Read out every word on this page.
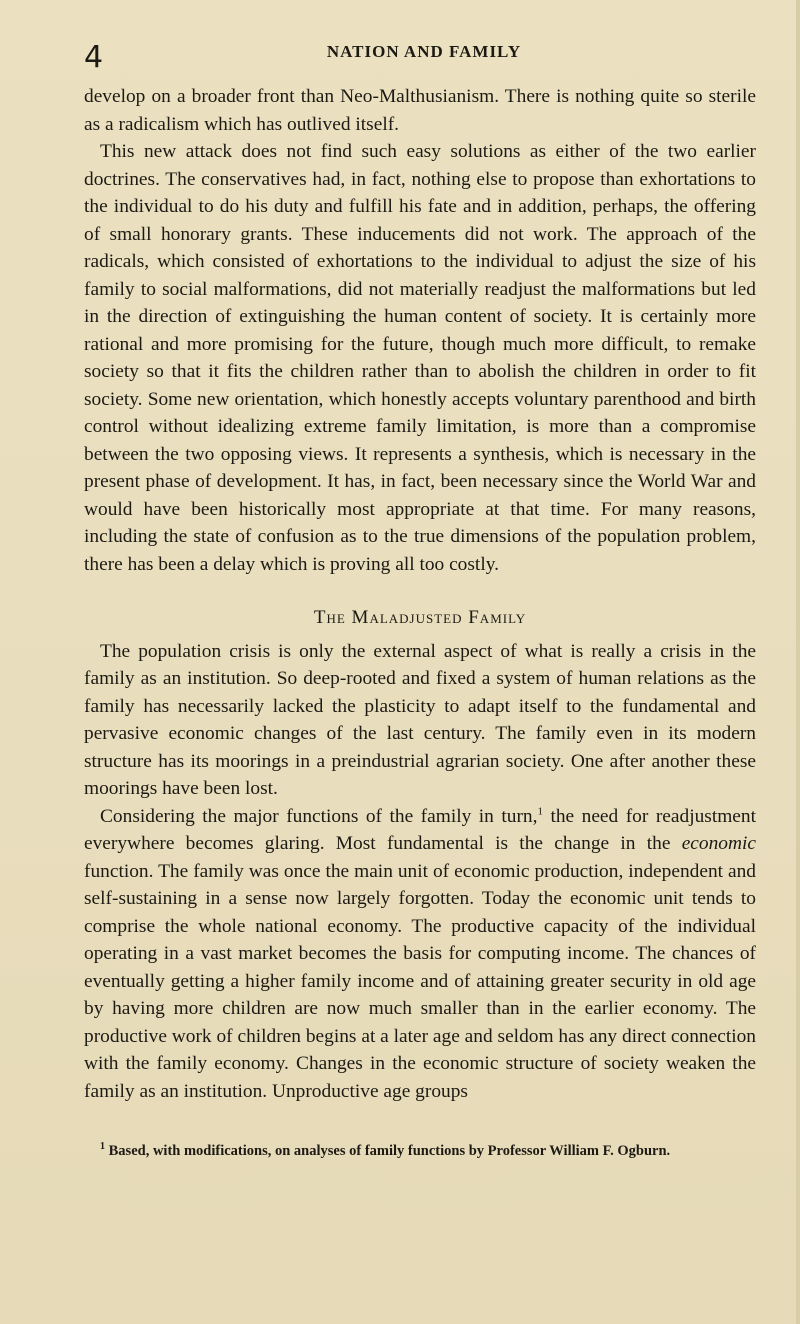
4	NATION AND FAMILY

develop on a broader front than Neo-Malthusianism. There is nothing quite so sterile as a radicalism which has outlived itself.

This new attack does not find such easy solutions as either of the two earlier doctrines. The conservatives had, in fact, nothing else to propose than exhortations to the individual to do his duty and fulfill his fate and in addition, perhaps, the offering of small honorary grants. These inducements did not work. The approach of the radicals, which consisted of exhortations to the individual to adjust the size of his family to social malformations, did not materially readjust the malformations but led in the direction of extinguishing the human content of society. It is certainly more rational and more promising for the future, though much more difficult, to remake society so that it fits the children rather than to abolish the children in order to fit society. Some new orientation, which honestly accepts voluntary parenthood and birth control without idealizing extreme family limitation, is more than a compromise between the two opposing views. It represents a synthesis, which is necessary in the present phase of development. It has, in fact, been necessary since the World War and would have been historically most appropriate at that time. For many reasons, including the state of confusion as to the true dimensions of the population problem, there has been a delay which is proving all too costly.

The Maladjusted Family

The population crisis is only the external aspect of what is really a crisis in the family as an institution. So deep-rooted and fixed a system of human relations as the family has necessarily lacked the plasticity to adapt itself to the fundamental and pervasive economic changes of the last century. The family even in its modern structure has its moorings in a preindustrial agrarian society. One after another these moorings have been lost.

Considering the major functions of the family in turn,$^1$ the need for readjustment everywhere becomes glaring. Most fundamental is the change in the economic function. The family was once the main unit of economic production, independent and self-sustaining in a sense now largely forgotten. Today the economic unit tends to comprise the whole national economy. The productive capacity of the individual operating in a vast market becomes the basis for computing income. The chances of eventually getting a higher family income and of attaining greater security in old age by having more children are now much smaller than in the earlier economy. The productive work of children begins at a later age and seldom has any direct connection with the family economy. Changes in the economic structure of society weaken the family as an institution. Unproductive age groups

$^1$ Based, with modifications, on analyses of family functions by Professor William F. Ogburn.
